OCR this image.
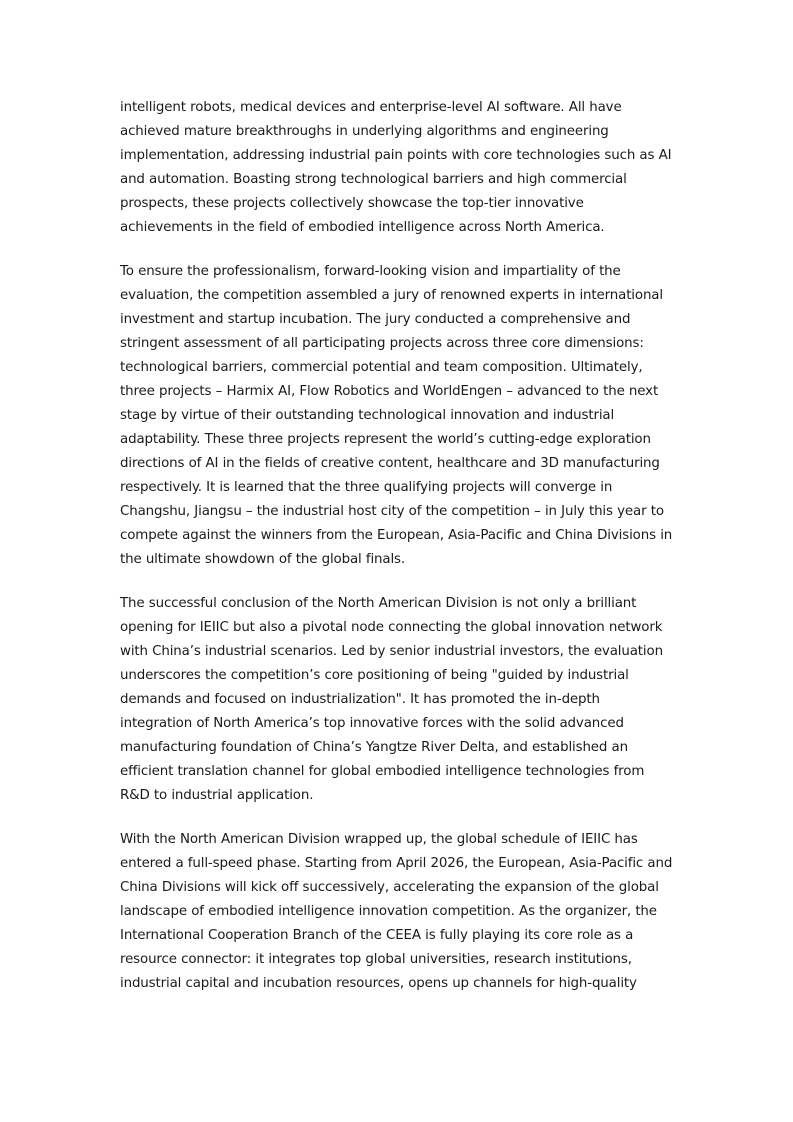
intelligent robots, medical devices and enterprise-level AI software. All have achieved mature breakthroughs in underlying algorithms and engineering implementation, addressing industrial pain points with core technologies such as AI and automation. Boasting strong technological barriers and high commercial prospects, these projects collectively showcase the top-tier innovative achievements in the field of embodied intelligence across North America.

To ensure the professionalism, forward-looking vision and impartiality of the evaluation, the competition assembled a jury of renowned experts in international investment and startup incubation. The jury conducted a comprehensive and stringent assessment of all participating projects across three core dimensions: technological barriers, commercial potential and team composition. Ultimately, three projects – Harmix AI, Flow Robotics and WorldEngen – advanced to the next stage by virtue of their outstanding technological innovation and industrial adaptability. These three projects represent the world’s cutting-edge exploration directions of AI in the fields of creative content, healthcare and 3D manufacturing respectively. It is learned that the three qualifying projects will converge in Changshu, Jiangsu – the industrial host city of the competition – in July this year to compete against the winners from the European, Asia-Pacific and China Divisions in the ultimate showdown of the global finals.

The successful conclusion of the North American Division is not only a brilliant opening for IEIIC but also a pivotal node connecting the global innovation network with China’s industrial scenarios. Led by senior industrial investors, the evaluation underscores the competition’s core positioning of being "guided by industrial demands and focused on industrialization". It has promoted the in-depth integration of North America’s top innovative forces with the solid advanced manufacturing foundation of China’s Yangtze River Delta, and established an efficient translation channel for global embodied intelligence technologies from R&D to industrial application.

With the North American Division wrapped up, the global schedule of IEIIC has entered a full-speed phase. Starting from April 2026, the European, Asia-Pacific and China Divisions will kick off successively, accelerating the expansion of the global landscape of embodied intelligence innovation competition. As the organizer, the International Cooperation Branch of the CEEA is fully playing its core role as a resource connector: it integrates top global universities, research institutions, industrial capital and incubation resources, opens up channels for high-quality
